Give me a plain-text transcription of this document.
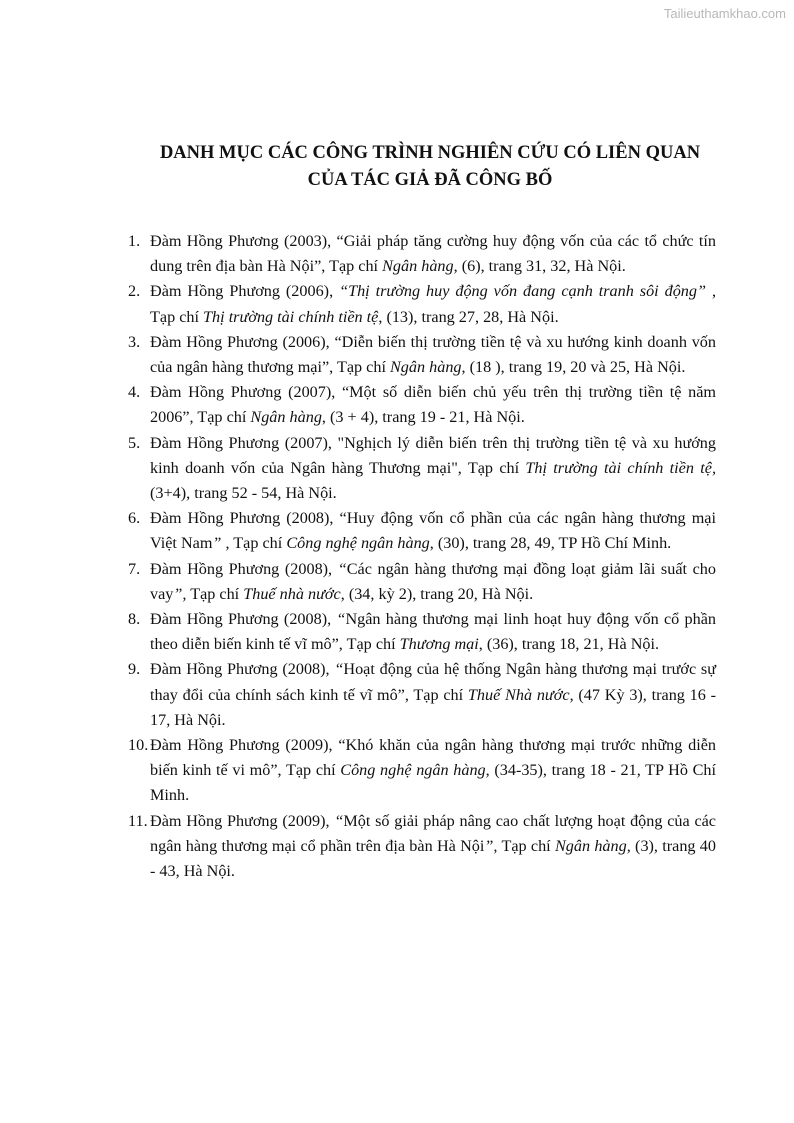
Tailieuthamkhao.com
DANH MỤC CÁC CÔNG TRÌNH NGHIÊN CỨU CÓ LIÊN QUAN
CỦA TÁC GIẢ ĐÃ CÔNG BỐ
1. Đàm Hồng Phương (2003), “Giải pháp tăng cường huy động vốn của các tổ chức tín dung trên địa bàn Hà Nội”, Tạp chí Ngân hàng, (6), trang 31, 32, Hà Nội.
2. Đàm Hồng Phương (2006), “Thị trường huy động vốn đang cạnh tranh sôi động” , Tạp chí Thị trường tài chính tiền tệ, (13), trang 27, 28, Hà Nội.
3. Đàm Hồng Phương (2006), “Diễn biến thị trường tiền tệ và xu hướng kinh doanh vốn của ngân hàng thương mại”, Tạp chí Ngân hàng, (18 ), trang 19, 20 và 25, Hà Nội.
4. Đàm Hồng Phương (2007), “Một số diễn biến chủ yếu trên thị trường tiền tệ năm 2006”, Tạp chí Ngân hàng, (3 + 4), trang 19 - 21, Hà Nội.
5. Đàm Hồng Phương (2007), "Nghịch lý diễn biến trên thị trường tiền tệ và xu hướng kinh doanh vốn của Ngân hàng Thương mại", Tạp chí Thị trường tài chính tiền tệ, (3+4), trang 52 - 54, Hà Nội.
6. Đàm Hồng Phương (2008), “Huy động vốn cổ phần của các ngân hàng thương mại Việt Nam” , Tạp chí Công nghệ ngân hàng, (30), trang 28, 49, TP Hồ Chí Minh.
7. Đàm Hồng Phương (2008), “Các ngân hàng thương mại đồng loạt giảm lãi suất cho vay”, Tạp chí Thuế nhà nước, (34, kỳ 2), trang 20, Hà Nội.
8. Đàm Hồng Phương (2008), “Ngân hàng thương mại linh hoạt huy động vốn cổ phần theo diễn biến kinh tế vĩ mô”, Tạp chí Thương mại, (36), trang 18, 21, Hà Nội.
9. Đàm Hồng Phương (2008), “Hoạt động của hệ thống Ngân hàng thương mại trước sự thay đổi của chính sách kinh tế vĩ mô”, Tạp chí Thuế Nhà nước, (47 Kỳ 3), trang 16 - 17, Hà Nội.
10. Đàm Hồng Phương (2009), “Khó khăn của ngân hàng thương mại trước những diễn biến kinh tế vi mô”, Tạp chí Công nghệ ngân hàng, (34-35), trang 18 - 21, TP Hồ Chí Minh.
11. Đàm Hồng Phương (2009), “Một số giải pháp nâng cao chất lượng hoạt động của các ngân hàng thương mại cổ phần trên địa bàn Hà Nội”, Tạp chí Ngân hàng, (3), trang 40 - 43, Hà Nội.
